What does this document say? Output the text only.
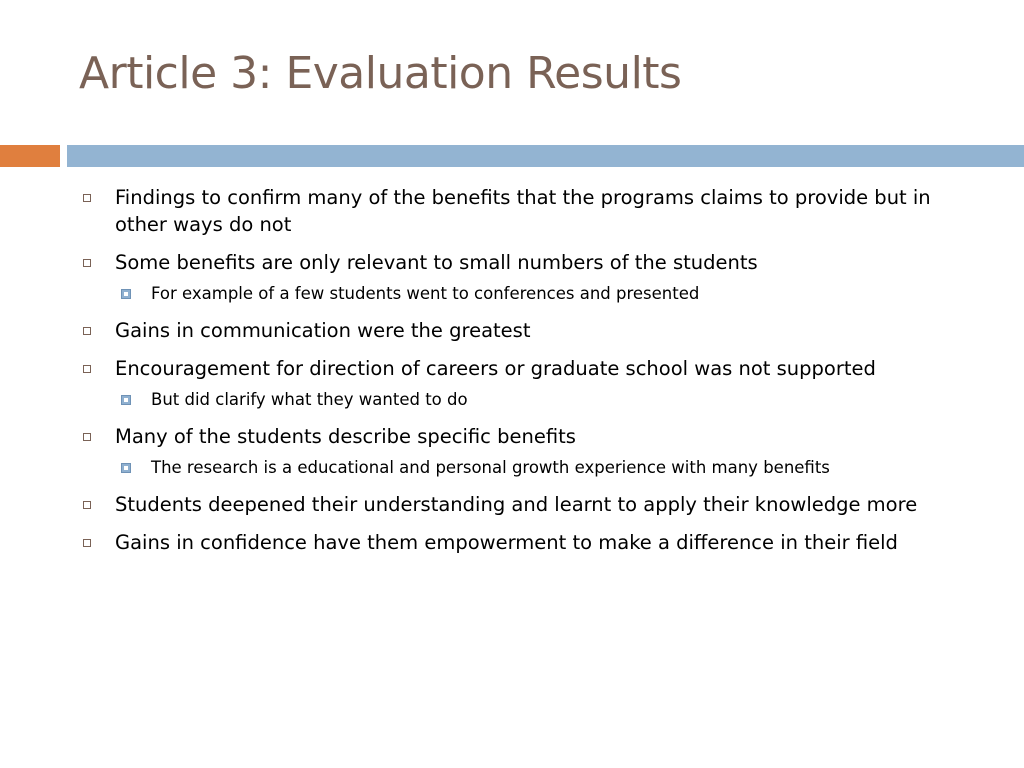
Article 3: Evaluation Results
Findings to confirm many of the benefits that the programs claims to provide but in other ways do not
Some benefits are only relevant to small numbers of the students
For example of a few students went to conferences and presented
Gains in communication were the greatest
Encouragement for direction of careers or graduate school was not supported
But did clarify what they wanted to do
Many of the students describe specific benefits
The research is a educational and personal growth experience with many benefits
Students deepened their understanding and learnt to apply their knowledge more
Gains in confidence have them empowerment to make a difference in their field
